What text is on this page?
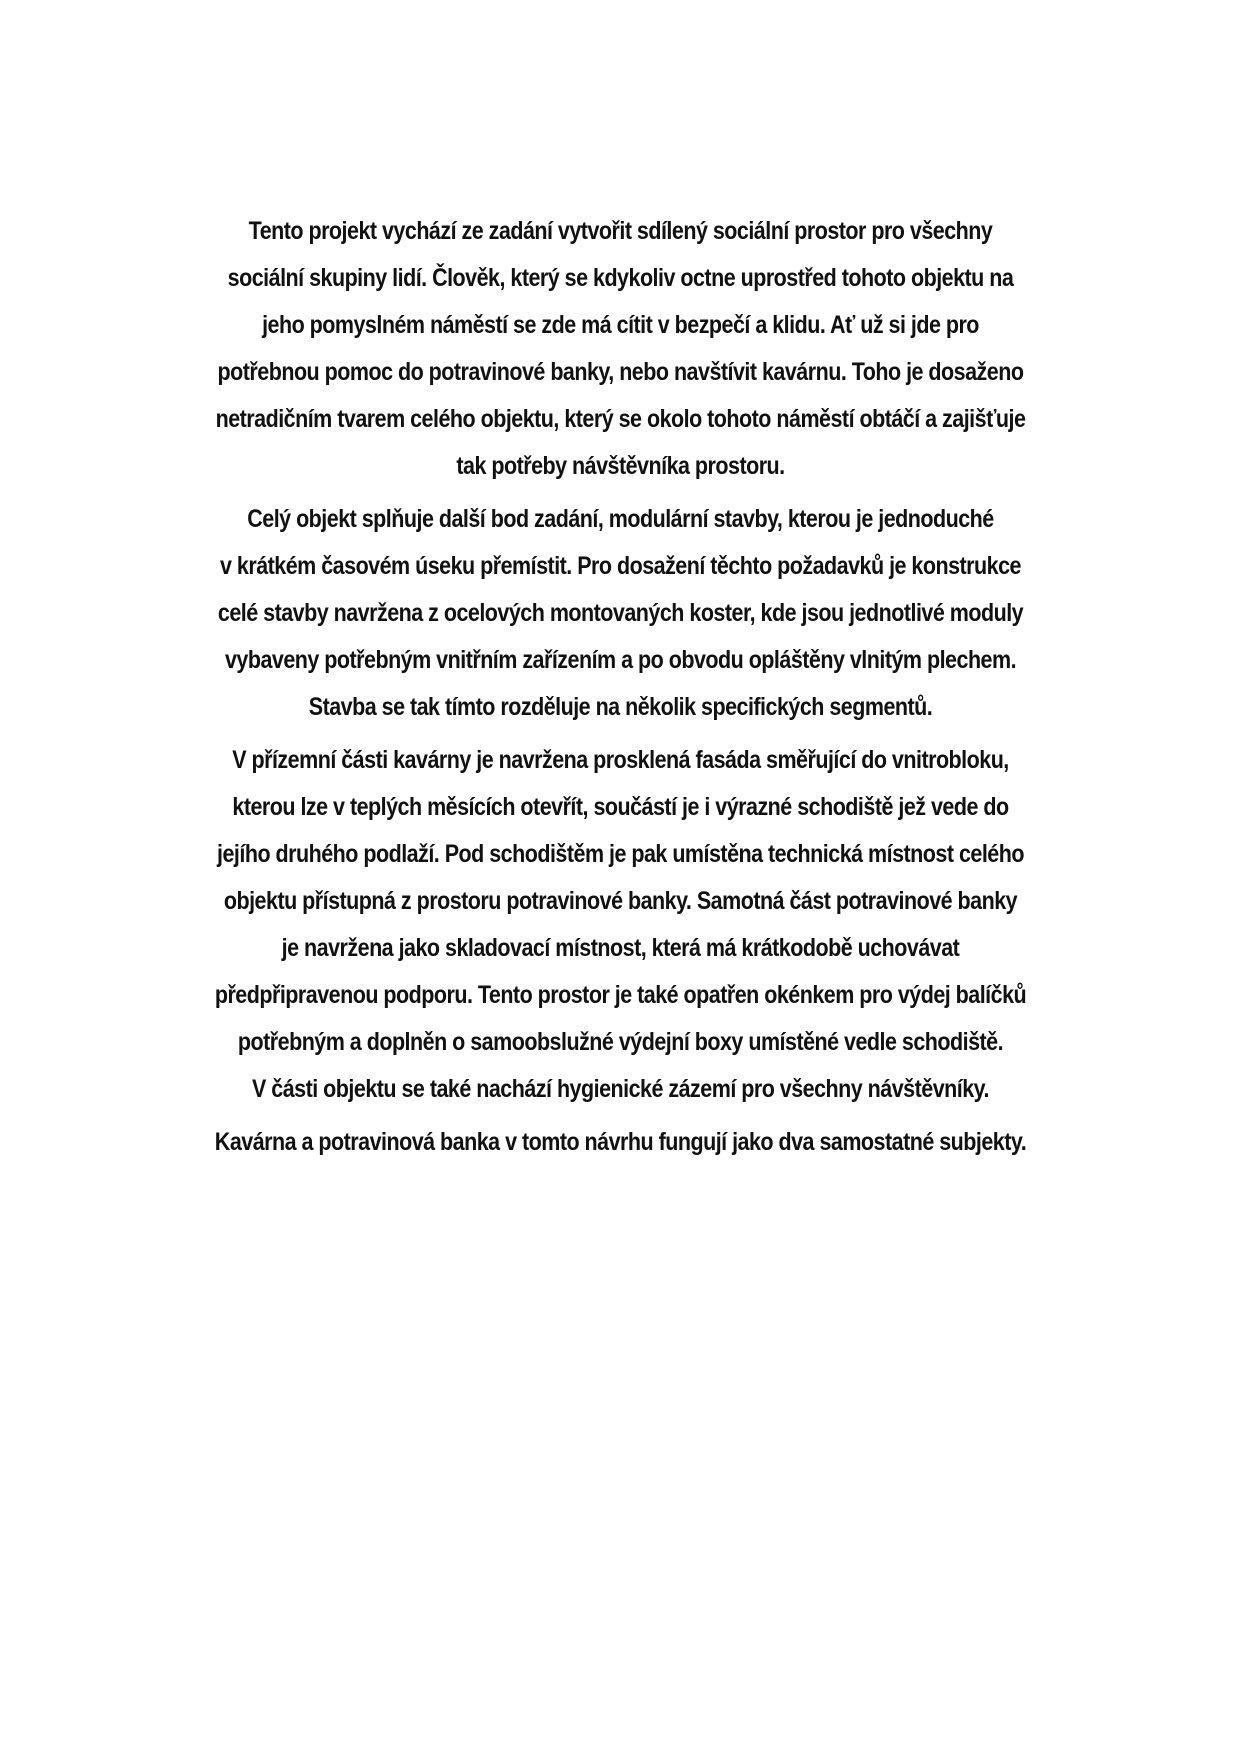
Tento projekt vychází ze zadání vytvořit sdílený sociální prostor pro všechny
sociální skupiny lidí. Člověk, který se kdykoliv octne uprostřed tohoto objektu na
jeho pomyslném náměstí se zde má cítit v bezpečí a klidu. Ať už si jde pro
potřebnou pomoc do potravinové banky, nebo navštívit kavárnu. Toho je dosaženo
netradičním tvarem celého objektu, který se okolo tohoto náměstí obtáčí a zajišťuje
tak potřeby návštěvníka prostoru.

Celý objekt splňuje další bod zadání, modulární stavby, kterou je jednoduché
v krátkém časovém úseku přemístit. Pro dosažení těchto požadavků je konstrukce
celé stavby navržena z ocelových montovaných koster, kde jsou jednotlivé moduly
vybaveny potřebným vnitřním zařízením a po obvodu opláštěny vlnitým plechem.
Stavba se tak tímto rozděluje na několik specifických segmentů.

V přízemní části kavárny je navržena prosklená fasáda směřující do vnitrobloku,
kterou lze v teplých měsících otevřít, součástí je i výrazné schodiště jež vede do
jejího druhého podlaží. Pod schodištěm je pak umístěna technická místnost celého
objektu přístupná z prostoru potravinové banky. Samotná část potravinové banky
je navržena jako skladovací místnost, která má krátkodobě uchovávat
předpřipravenou podporu. Tento prostor je také opatřen okénkem pro výdej balíčků
potřebným a doplněn o samoobslužné výdejní boxy umístěné vedle schodiště.
V části objektu se také nachází hygienické zázemí pro všechny návštěvníky.

Kavárna a potravinová banka v tomto návrhu fungují jako dva samostatné subjekty.
